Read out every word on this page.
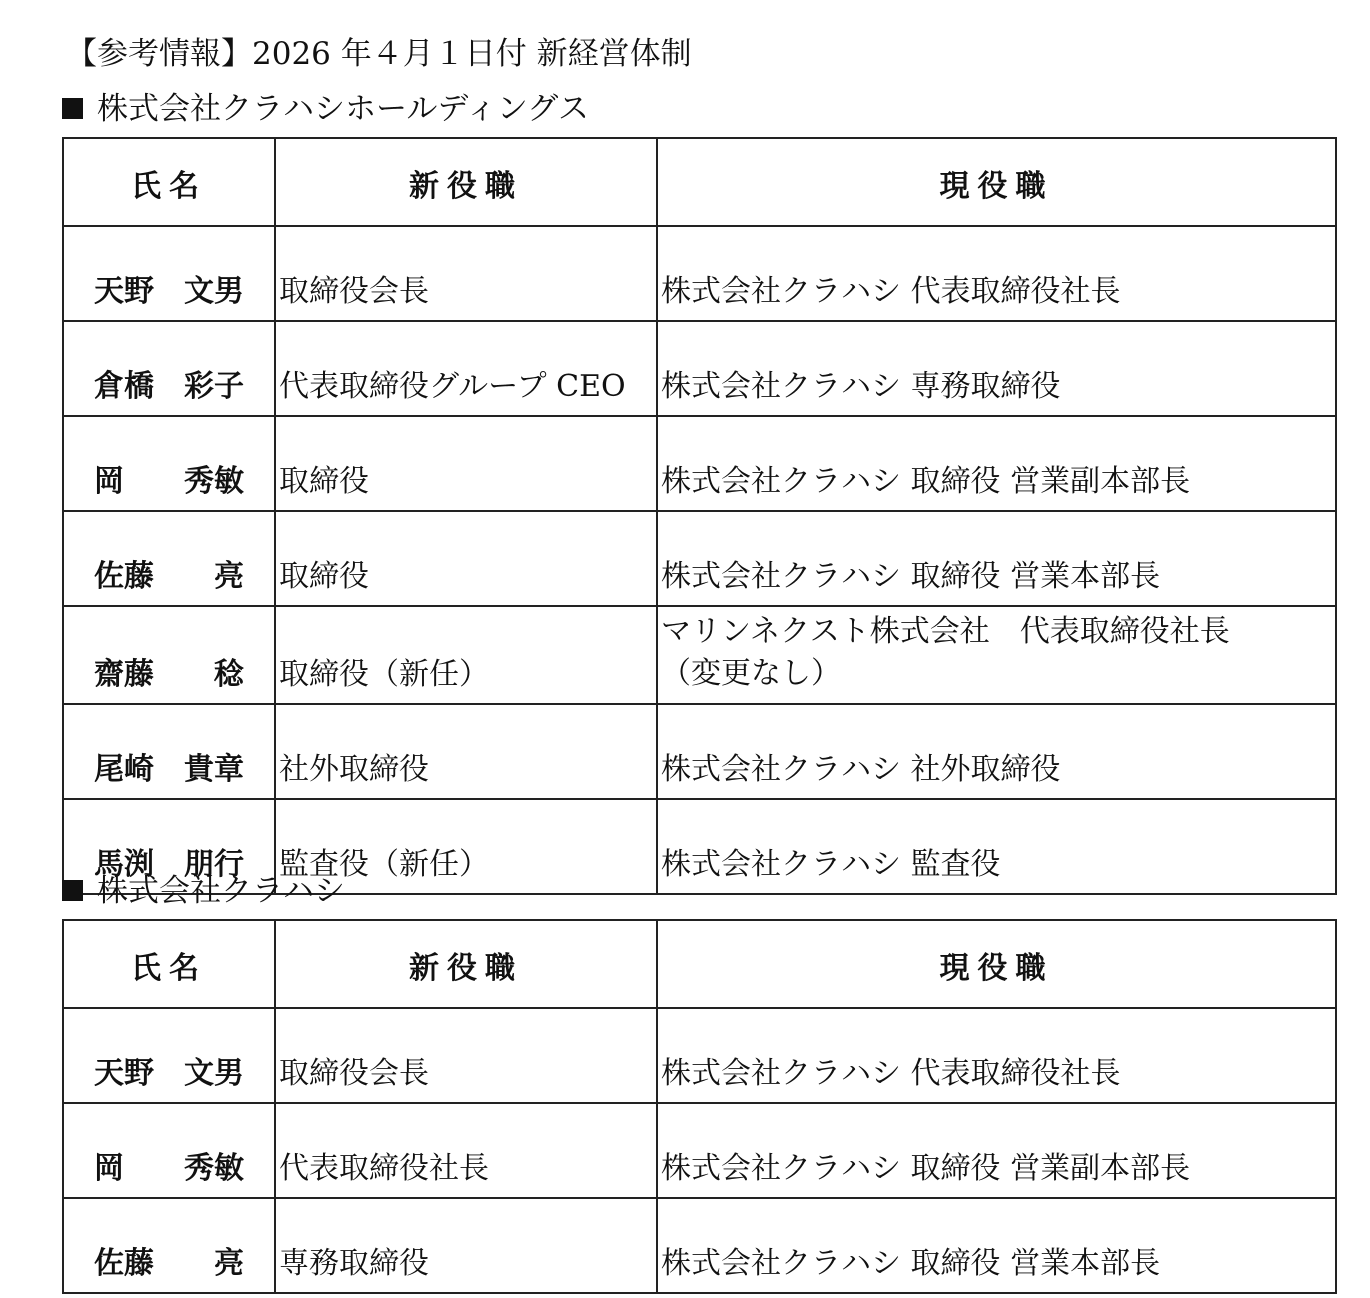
【参考情報】2026 年４月１日付 新経営体制
株式会社クラハシホールディングス
氏名	新役職	現役職
天野　文男	取締役会長	株式会社クラハシ 代表取締役社長
倉橋　彩子	代表取締役グループ CEO	株式会社クラハシ 専務取締役
岡　　秀敏	取締役	株式会社クラハシ 取締役 営業副本部長
佐藤　　亮	取締役	株式会社クラハシ 取締役 営業本部長
齋藤　　稔	取締役（新任）	マリンネクスト株式会社　代表取締役社長
（変更なし）

尾崎　貴章	社外取締役	株式会社クラハシ 社外取締役
馬渕　朋行	監査役（新任）	株式会社クラハシ 監査役
株式会社クラハシ
氏名	新役職	現役職
天野　文男	取締役会長	株式会社クラハシ 代表取締役社長
岡　　秀敏	代表取締役社長	株式会社クラハシ 取締役 営業副本部長
佐藤　　亮	専務取締役	株式会社クラハシ 取締役 営業本部長
